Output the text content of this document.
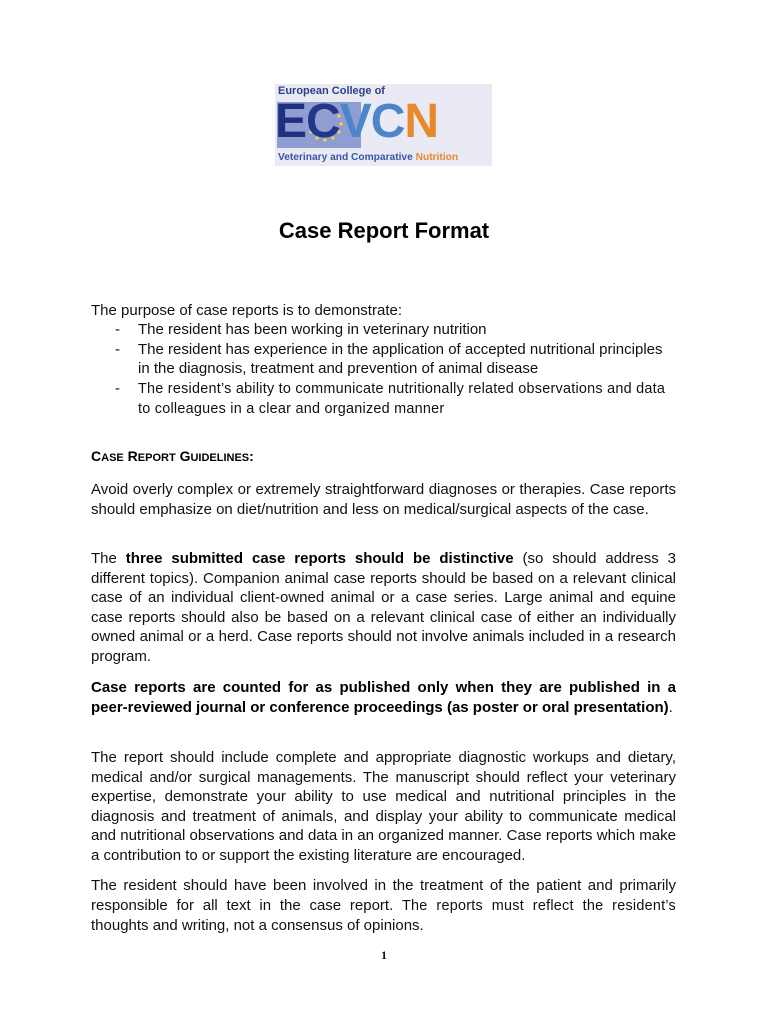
European College of
ECVCN
Veterinary and Comparative Nutrition
Case Report Format

The purpose of case reports is to demonstrate:

- The resident has been working in veterinary nutrition
- The resident has experience in the application of accepted nutritional principles in the diagnosis, treatment and prevention of animal disease
- The resident’s ability to communicate nutritionally related observations and data to colleagues in a clear and organized manner
CASE REPORT GUIDELINES:

Avoid overly complex or extremely straightforward diagnoses or therapies. Case reports should emphasize on diet/nutrition and less on medical/surgical aspects of the case.

The three submitted case reports should be distinctive (so should address 3 different topics). Companion animal case reports should be based on a relevant clinical case of an individual client-owned animal or a case series. Large animal and equine case reports should also be based on a relevant clinical case of either an individually owned animal or a herd. Case reports should not involve animals included in a research program.

Case reports are counted for as published only when they are published in a peer-reviewed journal or conference proceedings (as poster or oral presentation).

The report should include complete and appropriate diagnostic workups and dietary, medical and/or surgical managements. The manuscript should reflect your veterinary expertise, demonstrate your ability to use medical and nutritional principles in the diagnosis and treatment of animals, and display your ability to communicate medical and nutritional observations and data in an organized manner. Case reports which make a contribution to or support the existing literature are encouraged.

The resident should have been involved in the treatment of the patient and primarily responsible for all text in the case report. The reports must reflect the resident’s thoughts and writing, not a consensus of opinions.

1
